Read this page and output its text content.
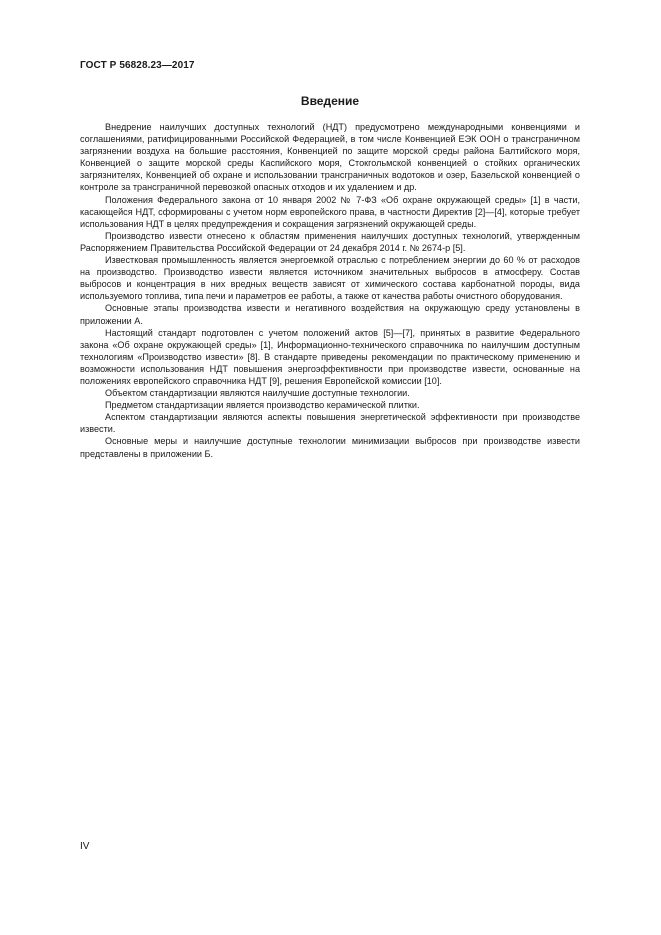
ГОСТ Р 56828.23—2017
Введение

Внедрение наилучших доступных технологий (НДТ) предусмотрено международными конвенциями и соглашениями, ратифицированными Российской Федерацией, в том числе Конвенцией ЕЭК ООН о трансграничном загрязнении воздуха на большие расстояния, Конвенцией по защите морской среды района Балтийского моря, Конвенцией о защите морской среды Каспийского моря, Стокгольмской конвенцией о стойких органических загрязнителях, Конвенцией об охране и использовании трансграничных водотоков и озер, Базельской конвенцией о контроле за трансграничной перевозкой опасных отходов и их удалением и др.

Положения Федерального закона от 10 января 2002 № 7-ФЗ «Об охране окружающей среды» [1] в части, касающейся НДТ, сформированы с учетом норм европейского права, в частности Директив [2]—[4], которые требует использования НДТ в целях предупреждения и сокращения загрязнений окружающей среды.

Производство извести отнесено к областям применения наилучших доступных технологий, утвержденным Распоряжением Правительства Российской Федерации от 24 декабря 2014 г. № 2674-р [5].

Известковая промышленность является энергоемкой отраслью с потреблением энергии до 60 % от расходов на производство. Производство извести является источником значительных выбросов в атмосферу. Состав выбросов и концентрация в них вредных веществ зависят от химического состава карбонатной породы, вида используемого топлива, типа печи и параметров ее работы, а также от качества работы очистного оборудования.

Основные этапы производства извести и негативного воздействия на окружающую среду установлены в приложении А.

Настоящий стандарт подготовлен с учетом положений актов [5]—[7], принятых в развитие Федерального закона «Об охране окружающей среды» [1], Информационно-технического справочника по наилучшим доступным технологиям «Производство извести» [8]. В стандарте приведены рекомендации по практическому применению и возможности использования НДТ повышения энергоэффективности при производстве извести, основанные на положениях европейского справочника НДТ [9], решения Европейской комиссии [10].

Объектом стандартизации являются наилучшие доступные технологии.

Предметом стандартизации является производство керамической плитки.

Аспектом стандартизации являются аспекты повышения энергетической эффективности при производстве извести.

Основные меры и наилучшие доступные технологии минимизации выбросов при производстве извести представлены в приложении Б.

IV
